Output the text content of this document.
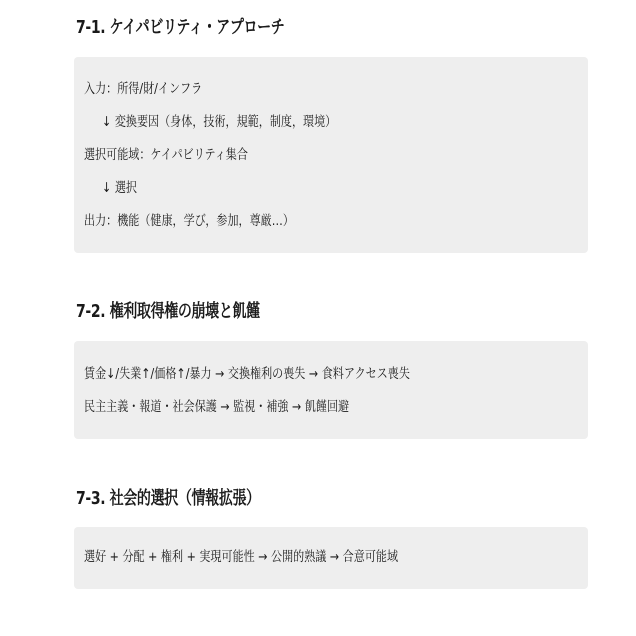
7-1. ケイパビリティ・アプローチ
入力：所得/財/インフラ
↓ 変換要因（身体，技術，規範，制度，環境）
選択可能域：ケイパビリティ集合
↓ 選択
出力：機能（健康，学び，参加，尊厳…）
7-2. 権利取得権の崩壊と飢饉
賃金↓/失業↑/価格↑/暴力 → 交換権利の喪失 → 食料アクセス喪失
民主主義・報道・社会保護 → 監視・補強 → 飢饉回避
7-3. 社会的選択（情報拡張）
選好 + 分配 + 権利 + 実現可能性 → 公開的熟議 → 合意可能域
